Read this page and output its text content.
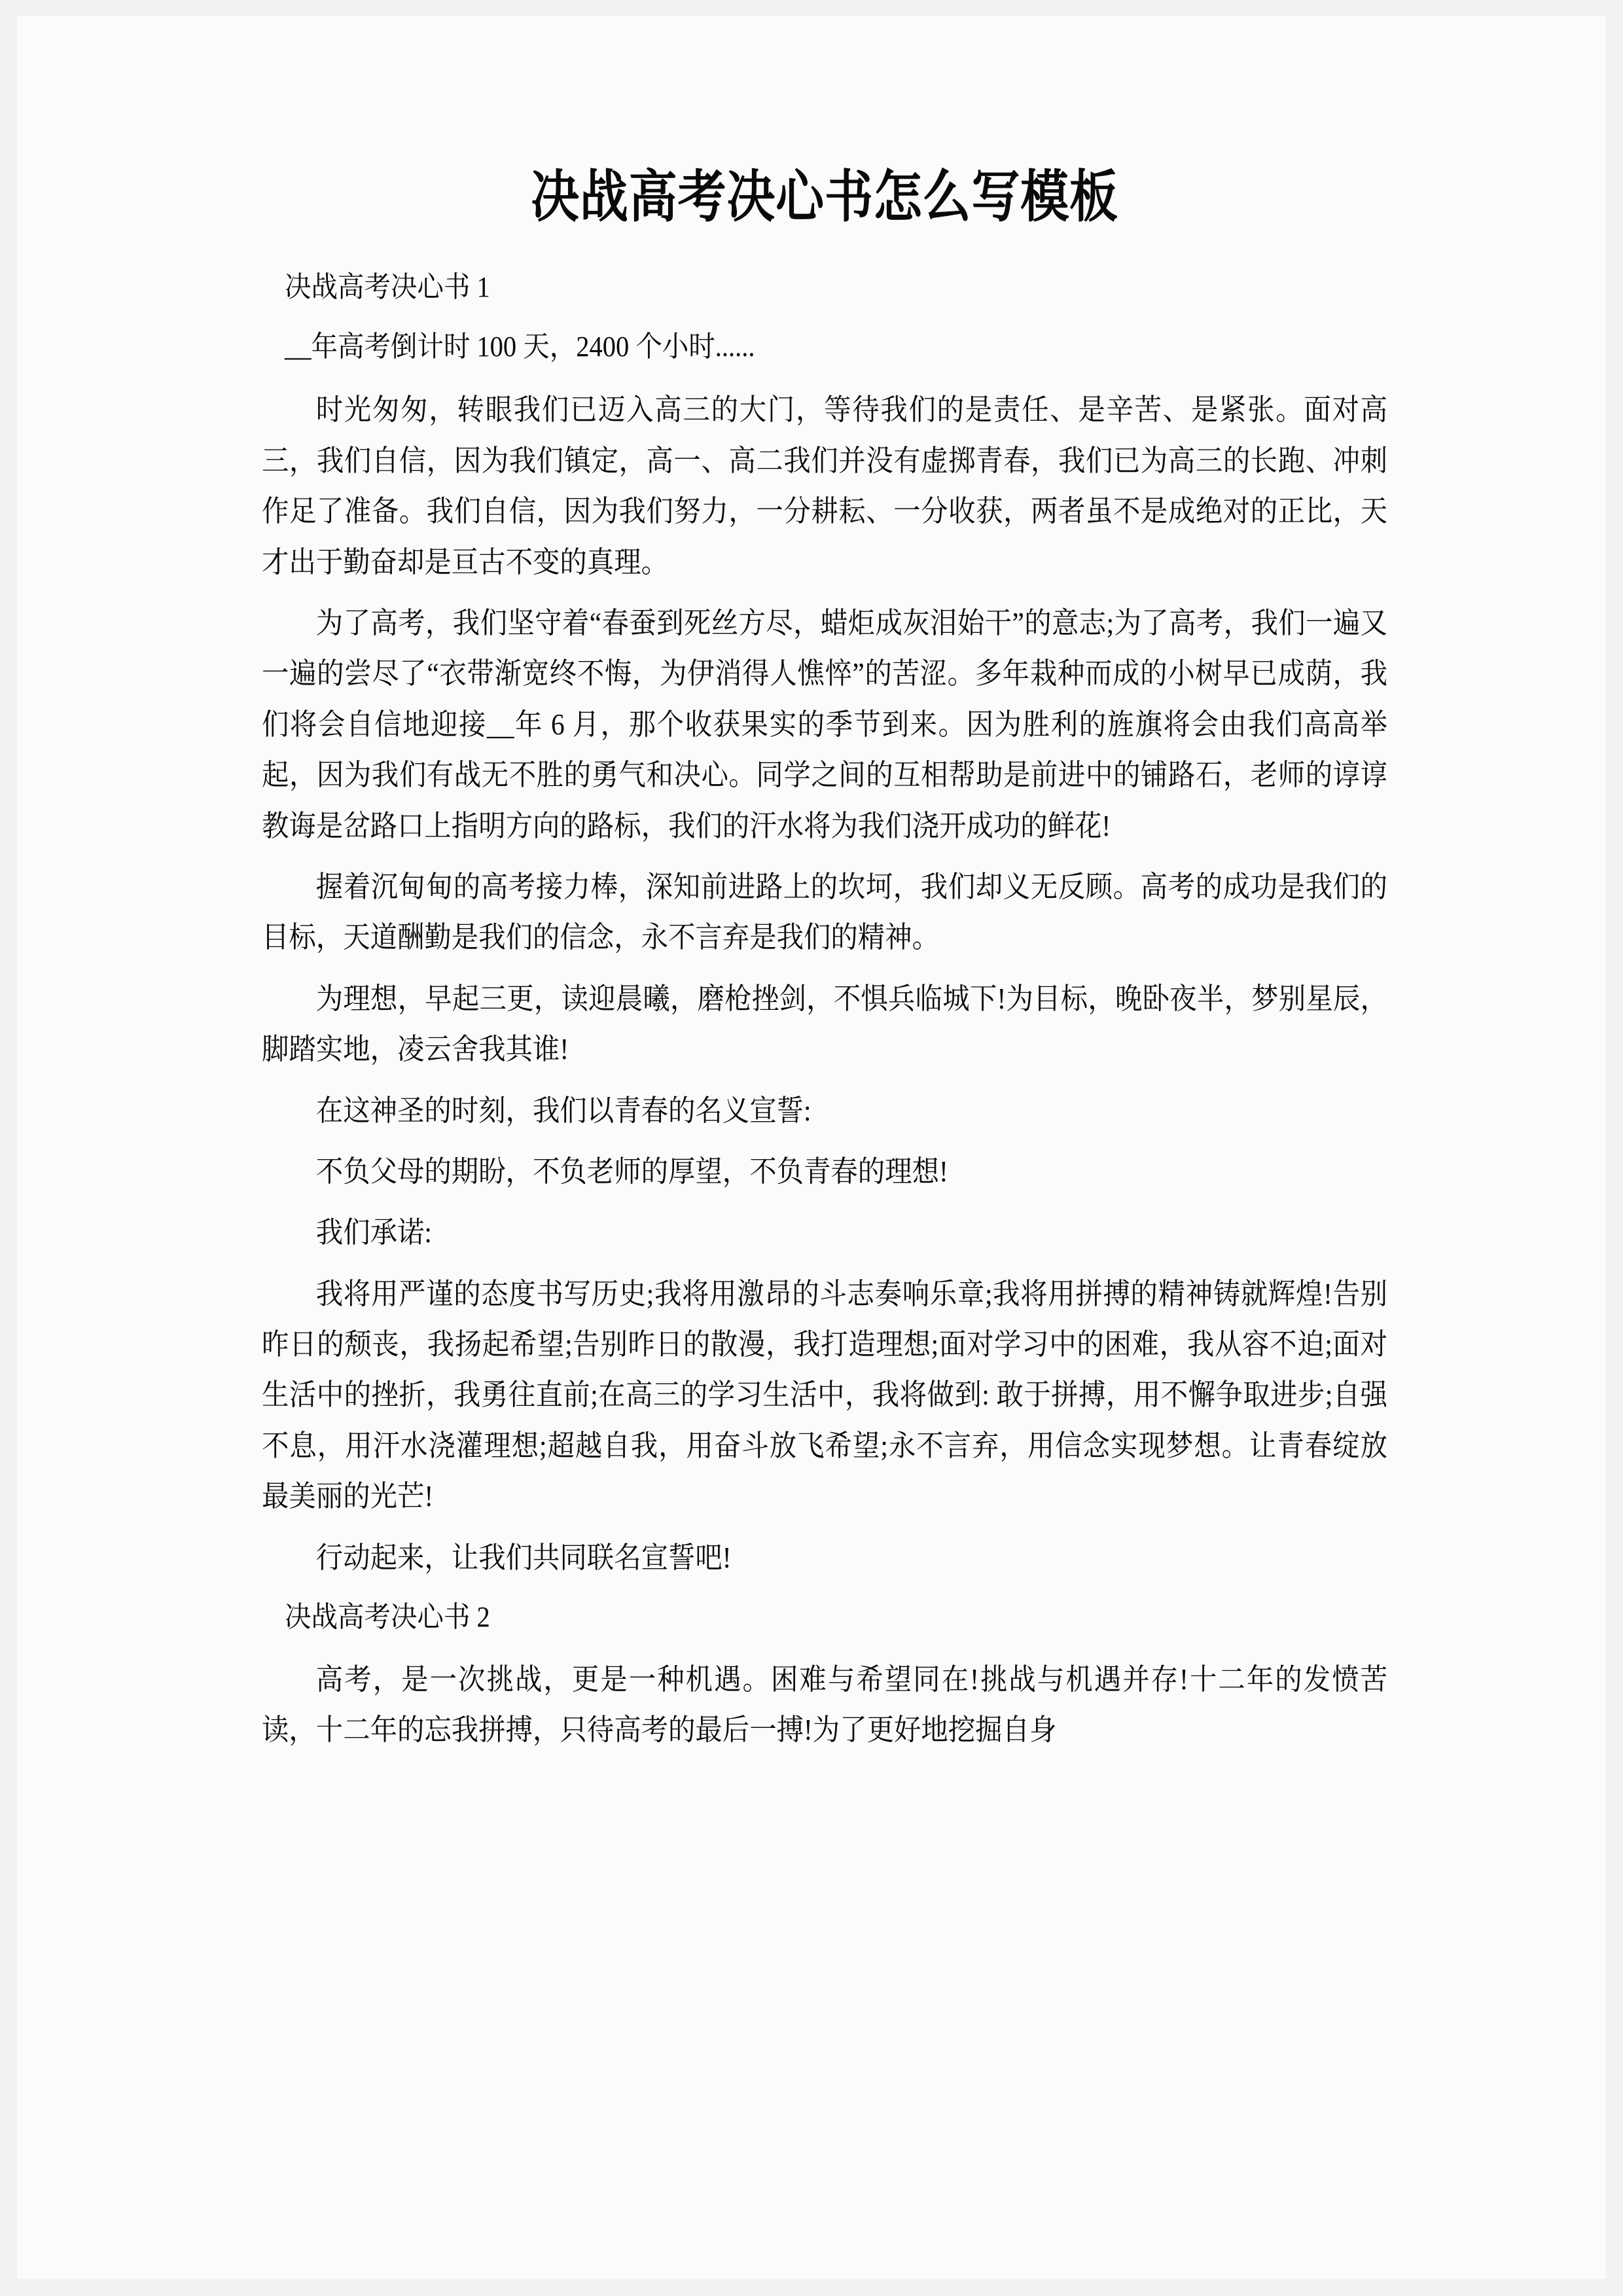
决战高考决心书怎么写模板
决战高考决心书 1
__年高考倒计时 100 天，2400 个小时......

时光匆匆，转眼我们已迈入高三的大门，等待我们的是责任、是辛苦、是紧张。面对高三，我们自信，因为我们镇定，高一、高二我们并没有虚掷青春，我们已为高三的长跑、冲刺作足了准备。我们自信，因为我们努力，一分耕耘、一分收获，两者虽不是成绝对的正比，天才出于勤奋却是亘古不变的真理。

为了高考，我们坚守着“春蚕到死丝方尽，蜡炬成灰泪始干”的意志;为了高考，我们一遍又一遍的尝尽了“衣带渐宽终不悔，为伊消得人憔悴”的苦涩。多年栽种而成的小树早已成荫，我们将会自信地迎接__年 6 月，那个收获果实的季节到来。因为胜利的旌旗将会由我们高高举起，因为我们有战无不胜的勇气和决心。同学之间的互相帮助是前进中的铺路石，老师的谆谆教诲是岔路口上指明方向的路标，我们的汗水将为我们浇开成功的鲜花!

握着沉甸甸的高考接力棒，深知前进路上的坎坷，我们却义无反顾。高考的成功是我们的目标，天道酬勤是我们的信念，永不言弃是我们的精神。

为理想，早起三更，读迎晨曦，磨枪挫剑，不惧兵临城下!为目标，晚卧夜半，梦别星辰，脚踏实地，凌云舍我其谁!

在这神圣的时刻，我们以青春的名义宣誓:

不负父母的期盼，不负老师的厚望，不负青春的理想!

我们承诺:

我将用严谨的态度书写历史;我将用激昂的斗志奏响乐章;我将用拼搏的精神铸就辉煌!告别昨日的颓丧，我扬起希望;告别昨日的散漫，我打造理想;面对学习中的困难，我从容不迫;面对生活中的挫折，我勇往直前;在高三的学习生活中，我将做到: 敢于拼搏，用不懈争取进步;自强不息，用汗水浇灌理想;超越自我，用奋斗放飞希望;永不言弃，用信念实现梦想。让青春绽放最美丽的光芒!

行动起来，让我们共同联名宣誓吧!

决战高考决心书 2

高考，是一次挑战，更是一种机遇。困难与希望同在!挑战与机遇并存!十二年的发愤苦读，十二年的忘我拼搏，只待高考的最后一搏!为了更好地挖掘自身
